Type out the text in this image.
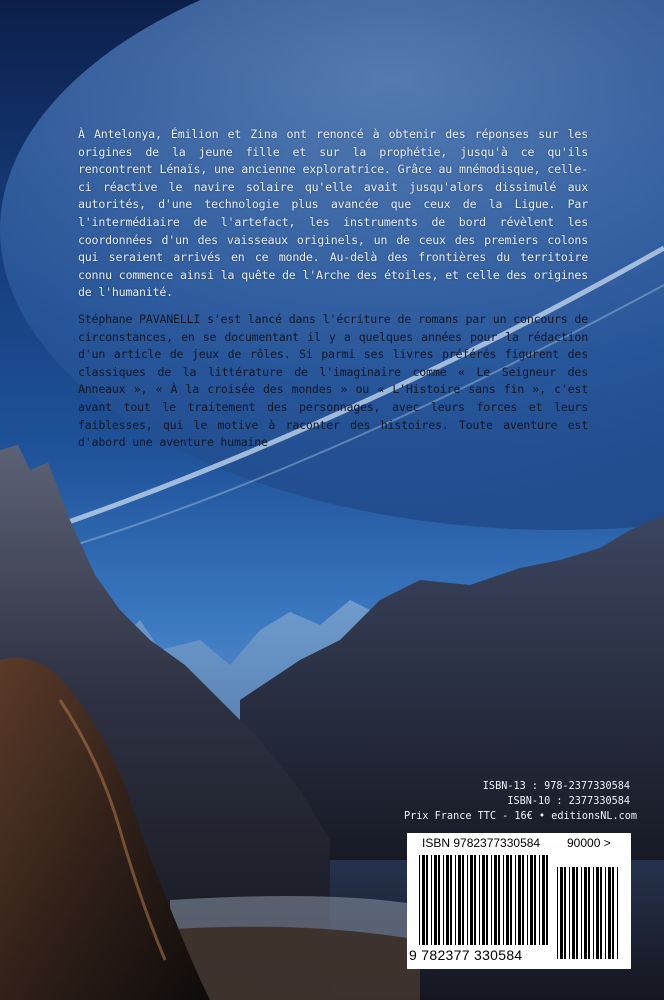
À Antelonya, Émilion et Zina ont renoncé à obtenir des réponses sur les origines de la jeune fille et sur la prophétie, jusqu'à ce qu'ils rencontrent Lénaïs, une ancienne exploratrice. Grâce au mnémodisque, celle-ci réactive le navire solaire qu'elle avait jusqu'alors dissimulé aux autorités, d'une technologie plus avancée que ceux de la Ligue. Par l'intermédiaire de l'artefact, les instruments de bord révèlent les coordonnées d'un des vaisseaux originels, un de ceux des premiers colons qui seraient arrivés en ce monde. Au-delà des frontières du territoire connu commence ainsi la quête de l'Arche des étoiles, et celle des origines de l'humanité.

Stéphane PAVANELLI s'est lancé dans l'écriture de romans par un concours de circonstances, en se documentant il y a quelques années pour la rédaction d'un article de jeux de rôles. Si parmi ses livres préférés figurent des classiques de la littérature de l'imaginaire comme « Le Seigneur des Anneaux », « À la croisée des mondes » ou « L'Histoire sans fin », c'est avant tout le traitement des personnages, avec leurs forces et leurs faiblesses, qui le motive à raconter des histoires. Toute aventure est d'abord une aventure humaine

ISBN-13 : 978-2377330584
ISBN-10 : 2377330584
Prix France TTC - 16€ • editionsNL.com
ISBN 9782377330584 90000 >
9 782377 330584
